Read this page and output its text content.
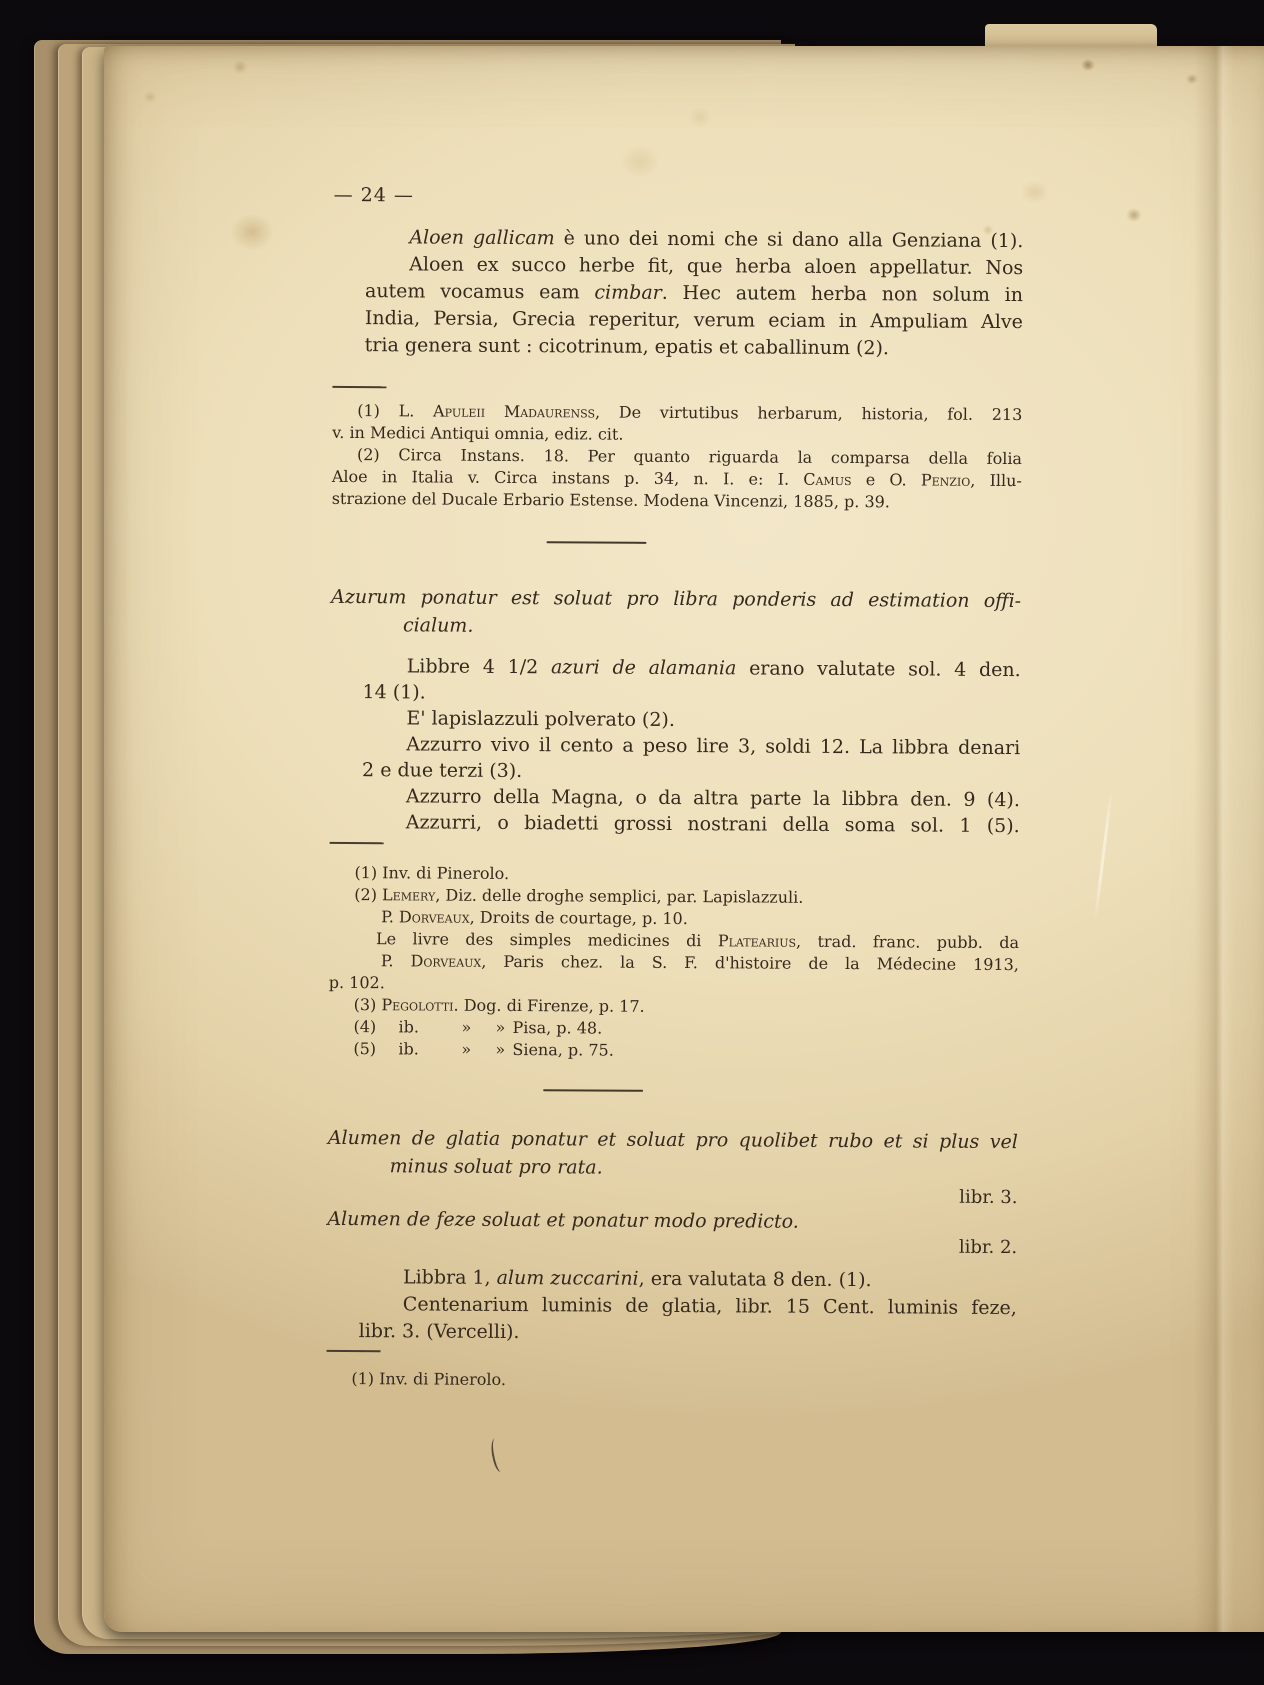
— 24 —
Aloen gallicam è uno dei nomi che si dano alla Genziana (1).
Aloen ex succo herbe fit, que herba aloen appellatur. Nos
autem vocamus eam cimbar. Hec autem herba non solum in
India, Persia, Grecia reperitur, verum eciam in Ampuliam Alve
tria genera sunt : cicotrinum, epatis et caballinum (2).
(1) L. Apuleii Madaurenss, De virtutibus herbarum, historia, fol. 213
v. in Medici Antiqui omnia, ediz. cit.
(2) Circa Instans. 18. Per quanto riguarda la comparsa della folia
Aloe in Italia v. Circa instans p. 34, n. I. e: I. Camus e O. Penzio, Illu-
strazione del Ducale Erbario Estense. Modena Vincenzi, 1885, p. 39.
Azurum ponatur est soluat pro libra ponderis ad estimation offi-
cialum.
Libbre 4 1/2 azuri de alamania erano valutate sol. 4 den.
14 (1).
E' lapislazzuli polverato (2).
Azzurro vivo il cento a peso lire 3, soldi 12. La libbra denari
2 e due terzi (3).
Azzurro della Magna, o da altra parte la libbra den. 9 (4).
Azzurri, o biadetti grossi nostrani della soma sol. 1 (5).
(1) Inv. di Pinerolo.
(2) Lemery, Diz. delle droghe semplici, par. Lapislazzuli.
P. Dorveaux, Droits de courtage, p. 10.
Le livre des simples medicines di Platearius, trad. franc. pubb. da
P. Dorveaux, Paris chez. la S. F. d'histoire de la Médecine 1913,
p. 102.
(3) Pegolotti. Dog. di Firenze, p. 17.
(4) ib.	» » Pisa, p. 48.
(5) ib.	» » Siena, p. 75.
Alumen de glatia ponatur et soluat pro quolibet rubo et si plus vel
minus soluat pro rata.
libr. 3.
Alumen de feze soluat et ponatur modo predicto.
libr. 2.
Libbra 1, alum zuccarini, era valutata 8 den. (1).
Centenarium luminis de glatia, libr. 15 Cent. luminis feze,
libr. 3. (Vercelli).
(1) Inv. di Pinerolo.
